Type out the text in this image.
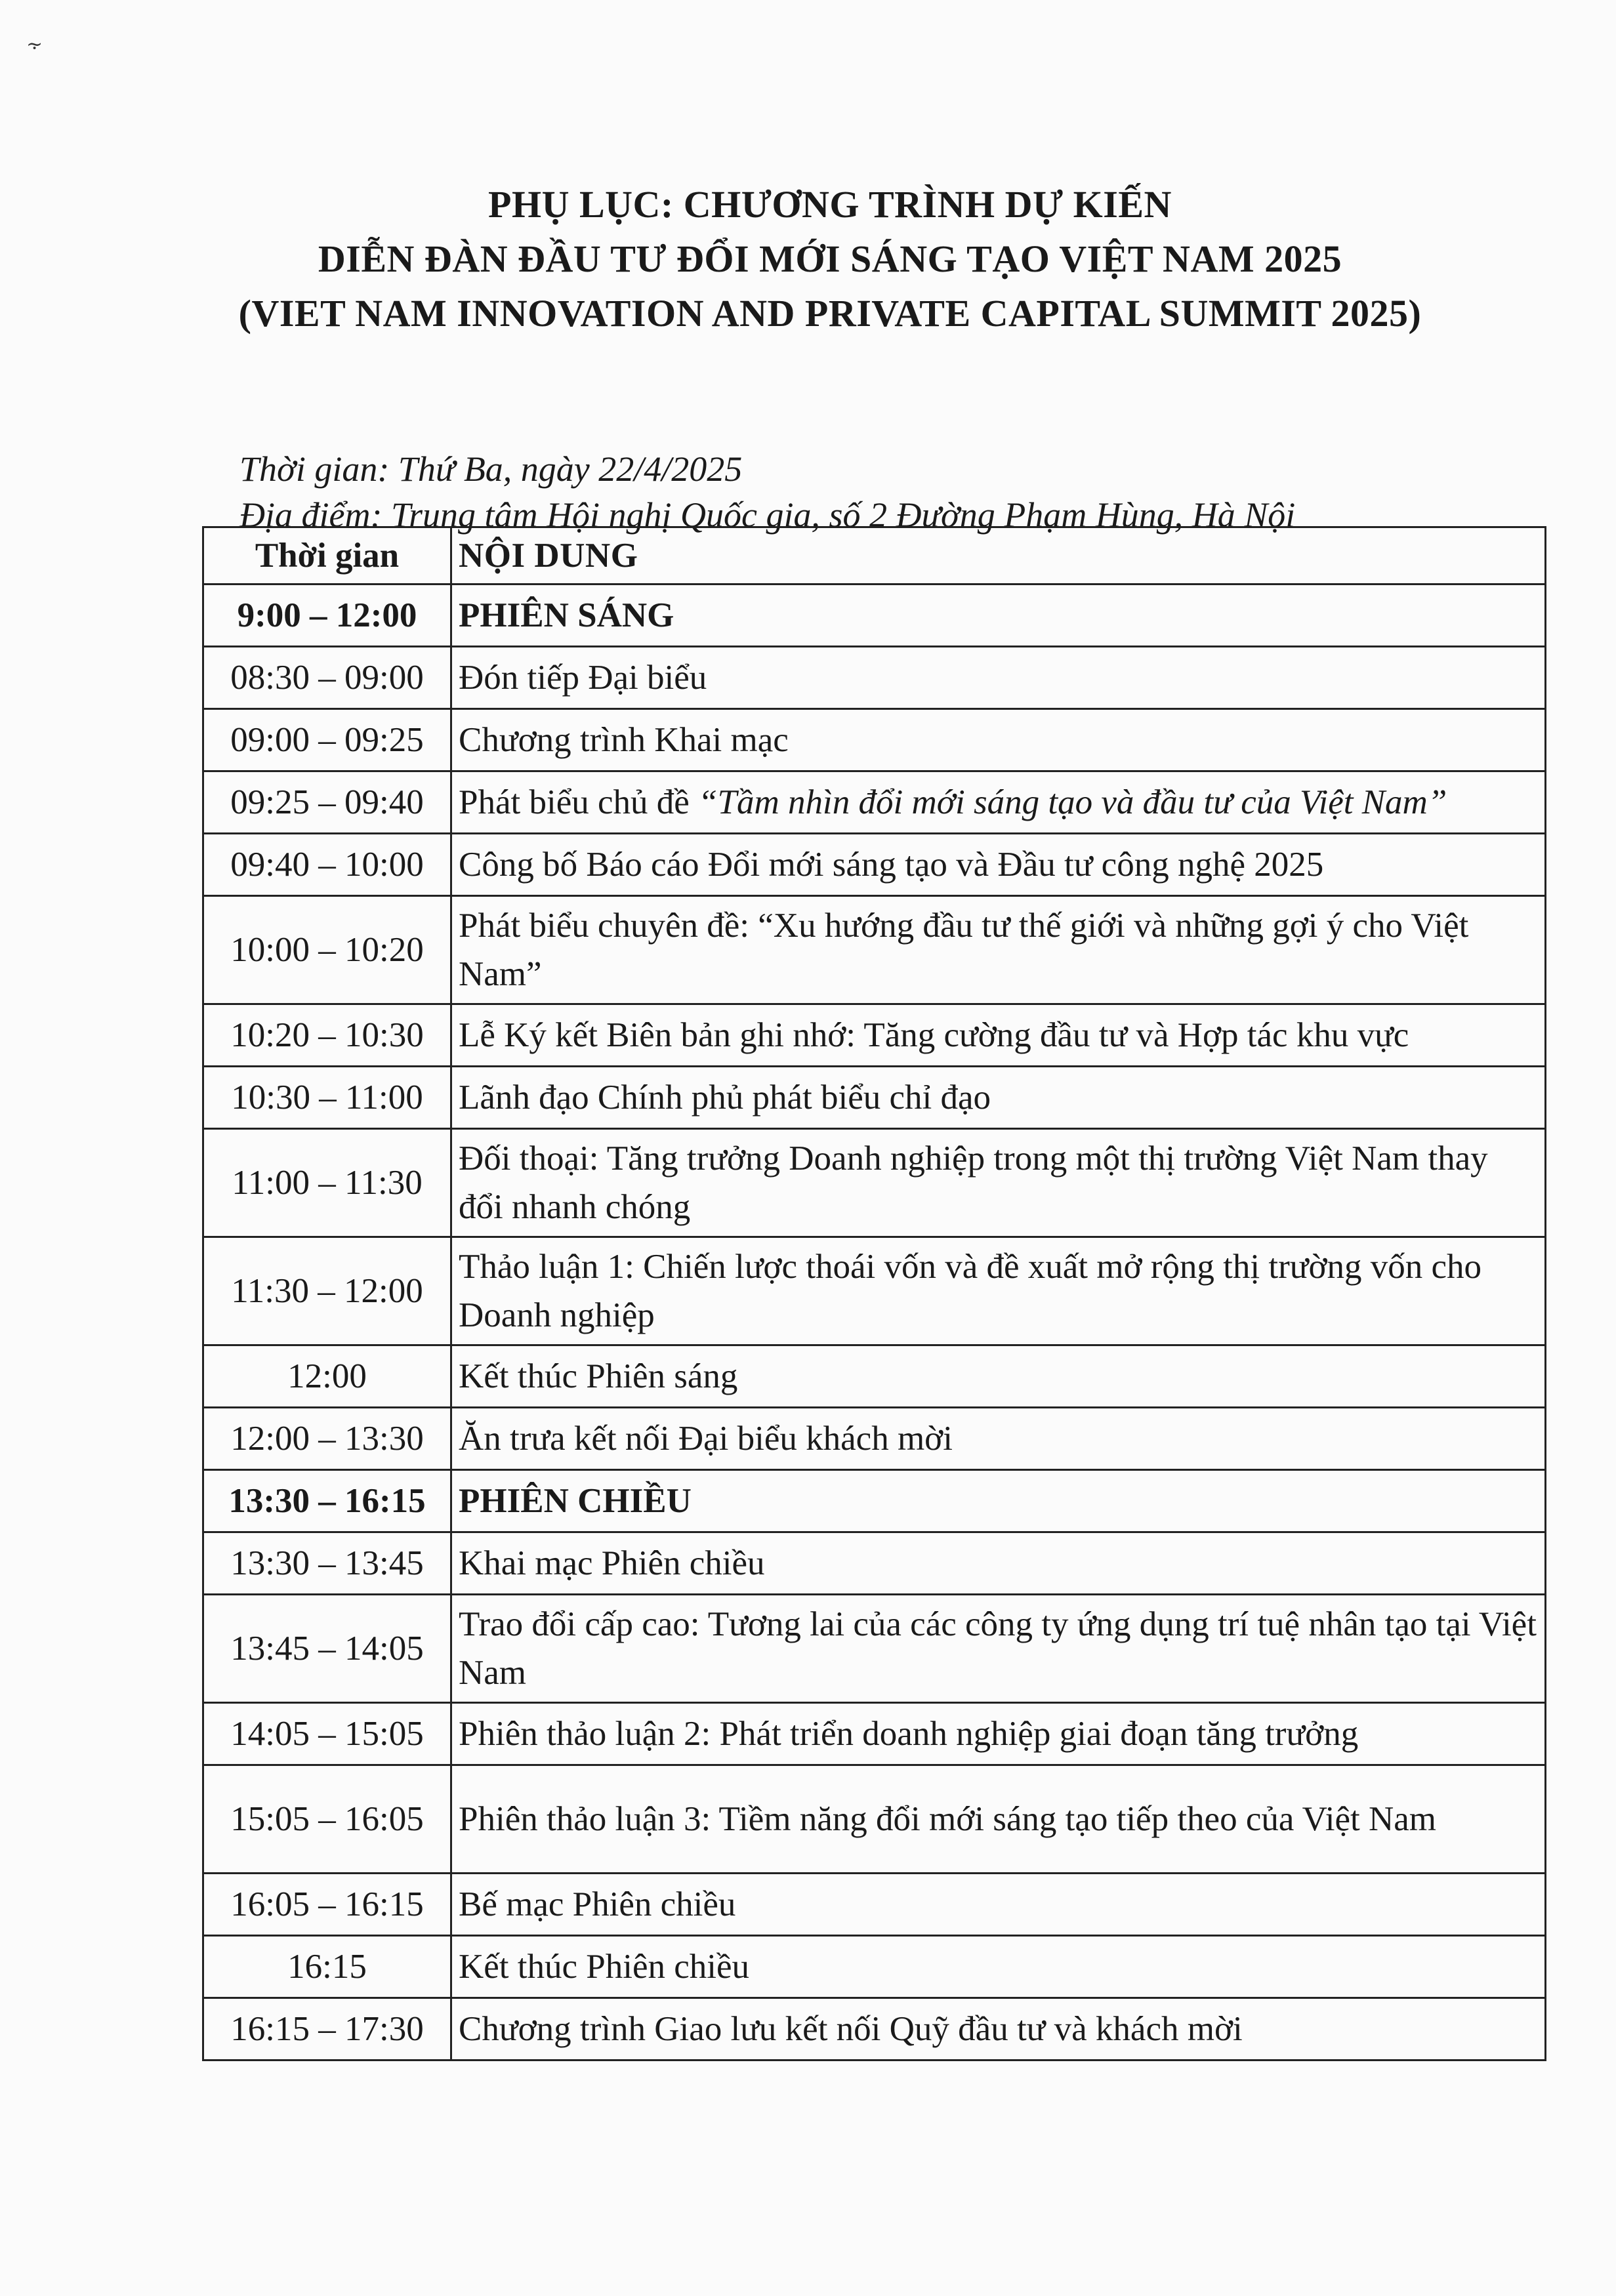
⸟
PHỤ LỤC: CHƯƠNG TRÌNH DỰ KIẾN
DIỄN ĐÀN ĐẦU TƯ ĐỔI MỚI SÁNG TẠO VIỆT NAM 2025
(VIET NAM INNOVATION AND PRIVATE CAPITAL SUMMIT 2025)
Thời gian: Thứ Ba, ngày 22/4/2025
Địa điểm: Trung tâm Hội nghị Quốc gia, số 2 Đường Phạm Hùng, Hà Nội
Thời gian	NỘI DUNG
9:00 – 12:00	PHIÊN SÁNG
08:30 – 09:00	Đón tiếp Đại biểu
09:00 – 09:25	Chương trình Khai mạc
09:25 – 09:40	Phát biểu chủ đề “Tầm nhìn đổi mới sáng tạo và đầu tư của Việt Nam”
09:40 – 10:00	Công bố Báo cáo Đổi mới sáng tạo và Đầu tư công nghệ 2025
10:00 – 10:20	Phát biểu chuyên đề: “Xu hướng đầu tư thế giới và những gợi ý cho Việt Nam”
10:20 – 10:30	Lễ Ký kết Biên bản ghi nhớ: Tăng cường đầu tư và Hợp tác khu vực
10:30 – 11:00	Lãnh đạo Chính phủ phát biểu chỉ đạo
11:00 – 11:30	Đối thoại: Tăng trưởng Doanh nghiệp trong một thị trường Việt Nam thay đổi nhanh chóng
11:30 – 12:00	Thảo luận 1: Chiến lược thoái vốn và đề xuất mở rộng thị trường vốn cho Doanh nghiệp
12:00	Kết thúc Phiên sáng
12:00 – 13:30	Ăn trưa kết nối Đại biểu khách mời
13:30 – 16:15	PHIÊN CHIỀU
13:30 – 13:45	Khai mạc Phiên chiều
13:45 – 14:05	Trao đổi cấp cao: Tương lai của các công ty ứng dụng trí tuệ nhân tạo tại Việt Nam
14:05 – 15:05	Phiên thảo luận 2: Phát triển doanh nghiệp giai đoạn tăng trưởng
15:05 – 16:05	Phiên thảo luận 3: Tiềm năng đổi mới sáng tạo tiếp theo của Việt Nam
16:05 – 16:15	Bế mạc Phiên chiều
16:15	Kết thúc Phiên chiều
16:15 – 17:30	Chương trình Giao lưu kết nối Quỹ đầu tư và khách mời
